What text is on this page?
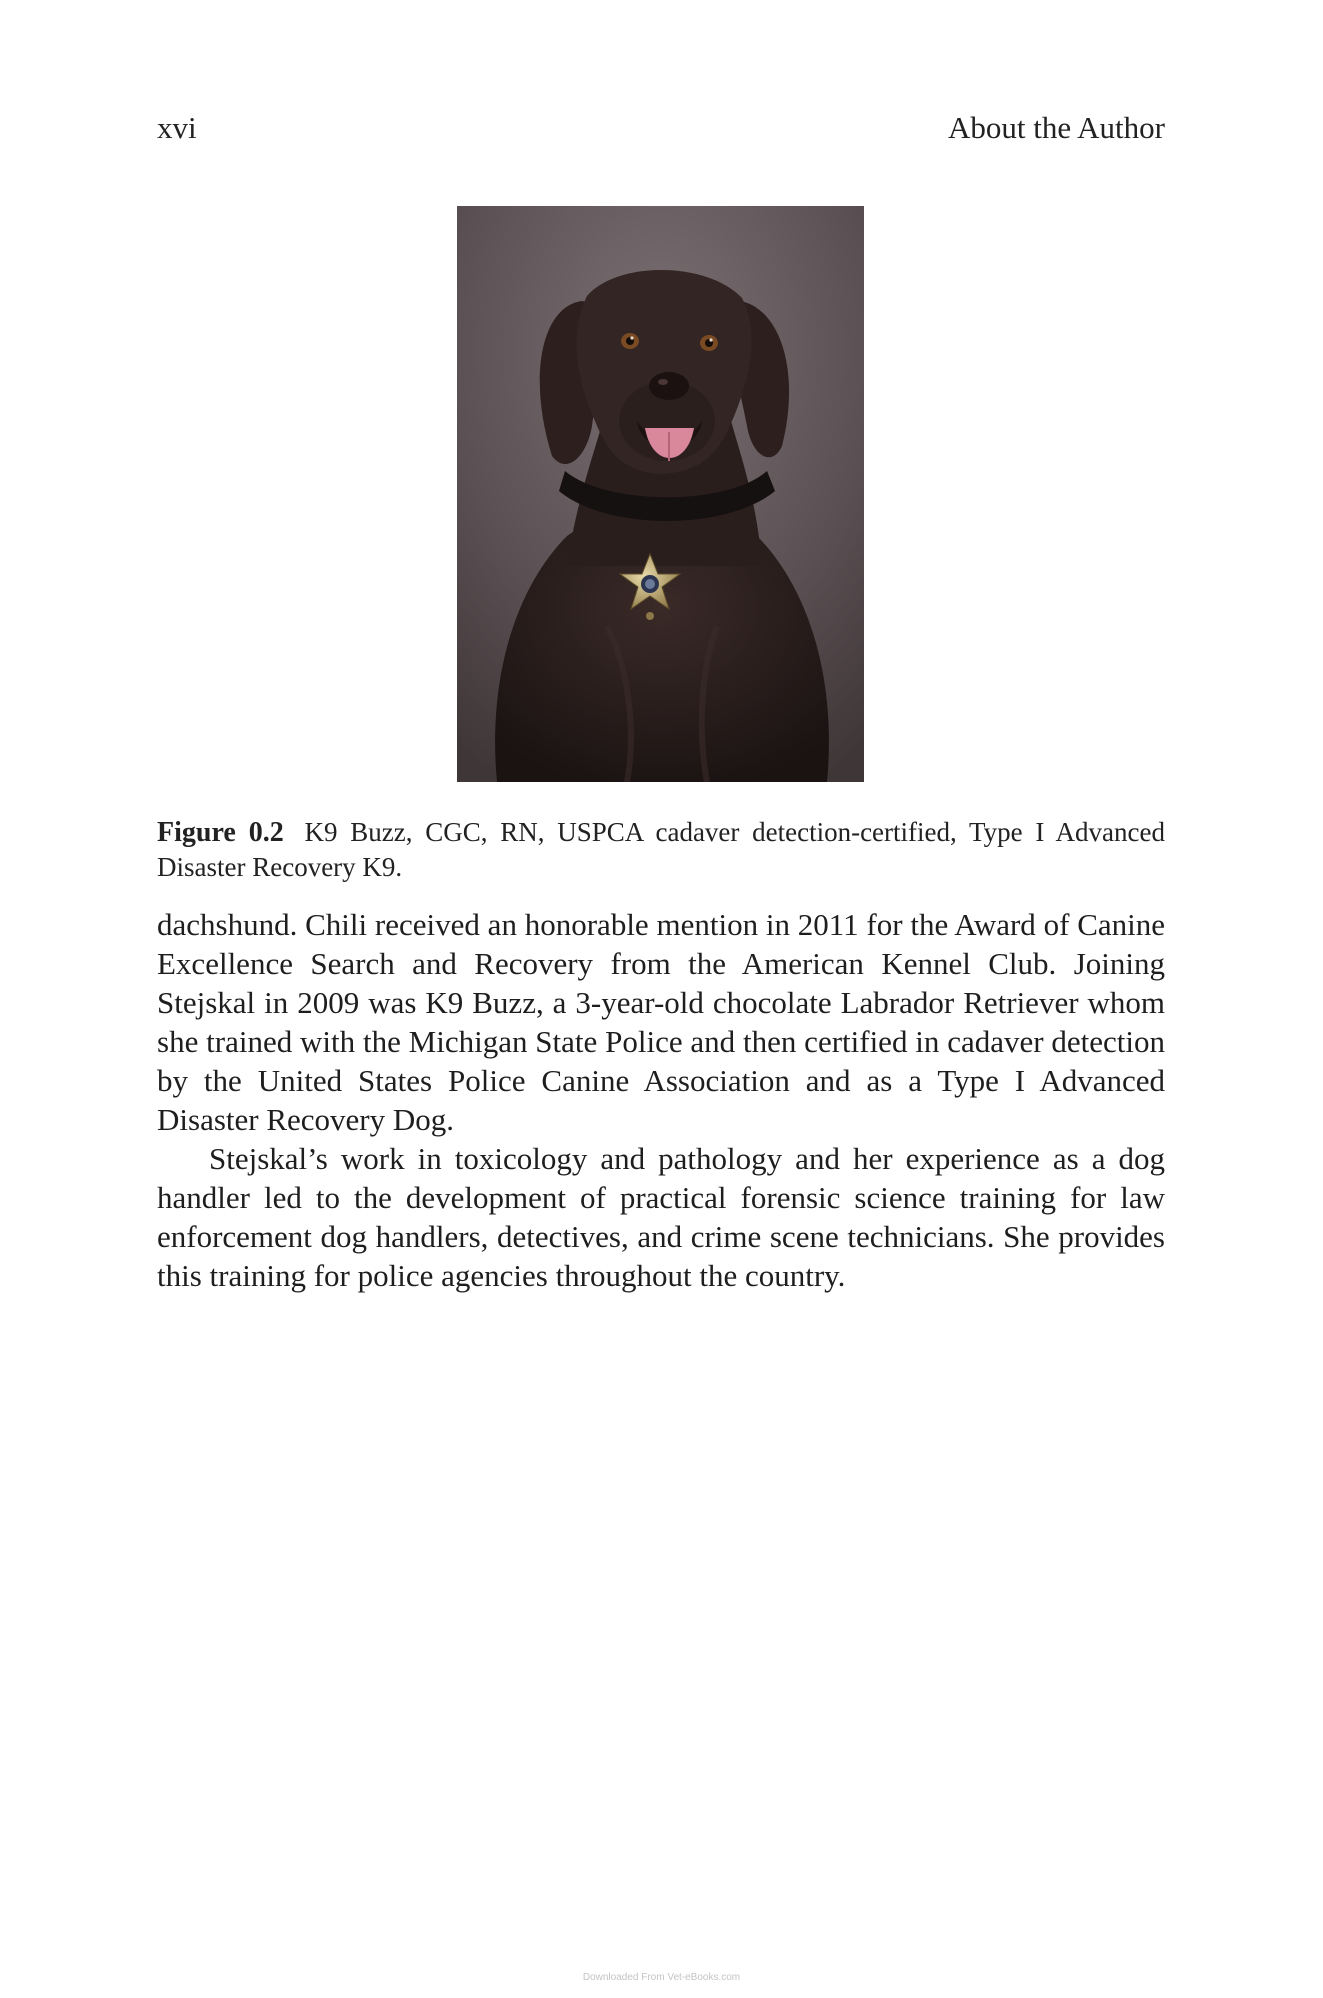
xvi	About the Author
Figure 0.2 K9 Buzz, CGC, RN, USPCA cadaver detection-certified, Type I Advanced Disaster Recovery K9.

dachshund. Chili received an honorable mention in 2011 for the Award of Canine Excellence Search and Recovery from the American Kennel Club. Joining Stejskal in 2009 was K9 Buzz, a 3-year-old chocolate Labrador Retriever whom she trained with the Michigan State Police and then certified in cadaver detection by the United States Police Canine Association and as a Type I Advanced Disaster Recovery Dog.

Stejskal’s work in toxicology and pathology and her experience as a dog handler led to the development of practical forensic science training for law enforcement dog handlers, detectives, and crime scene technicians. She provides this training for police agencies throughout the country.

Downloaded From Vet-eBooks.com
